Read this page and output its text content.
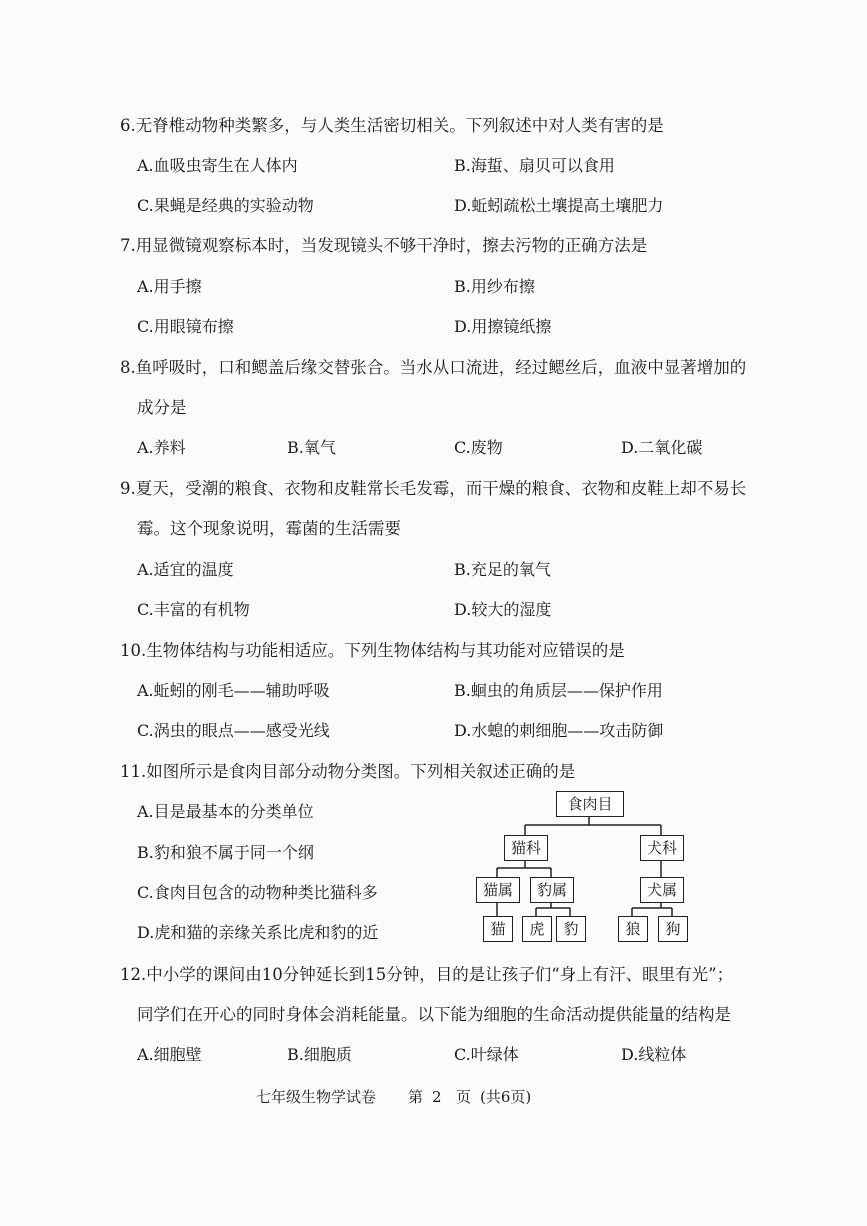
6.无脊椎动物种类繁多，与人类生活密切相关。下列叙述中对人类有害的是
A.血吸虫寄生在人体内	B.海蜇、扇贝可以食用
C.果蝇是经典的实验动物	D.蚯蚓疏松土壤提高土壤肥力
7.用显微镜观察标本时，当发现镜头不够干净时，擦去污物的正确方法是
A.用手擦	B.用纱布擦
C.用眼镜布擦	D.用擦镜纸擦
8.鱼呼吸时，口和鳃盖后缘交替张合。当水从口流进，经过鳃丝后，血液中显著增加的
成分是
A.养料	B.氧气	C.废物	D.二氧化碳
9.夏天，受潮的粮食、衣物和皮鞋常长毛发霉，而干燥的粮食、衣物和皮鞋上却不易长
霉。这个现象说明，霉菌的生活需要
A.适宜的温度	B.充足的氧气
C.丰富的有机物	D.较大的湿度
10.生物体结构与功能相适应。下列生物体结构与其功能对应错误的是
A.蚯蚓的刚毛——辅助呼吸	B.蛔虫的角质层——保护作用
C.涡虫的眼点——感受光线	D.水螅的刺细胞——攻击防御
11.如图所示是食肉目部分动物分类图。下列相关叙述正确的是
A.目是最基本的分类单位
B.豹和狼不属于同一个纲
C.食肉目包含的动物种类比猫科多
D.虎和猫的亲缘关系比虎和豹的近
食肉目
猫科	犬科
猫属	豹属	犬属
猫	虎	豹	狼	狗
12.中小学的课间由10分钟延长到15分钟，目的是让孩子们“身上有汗、眼里有光”；
同学们在开心的同时身体会消耗能量。以下能为细胞的生命活动提供能量的结构是
A.细胞壁	B.细胞质	C.叶绿体	D.线粒体
七年级生物学试卷 第 2 页 (共6页)
